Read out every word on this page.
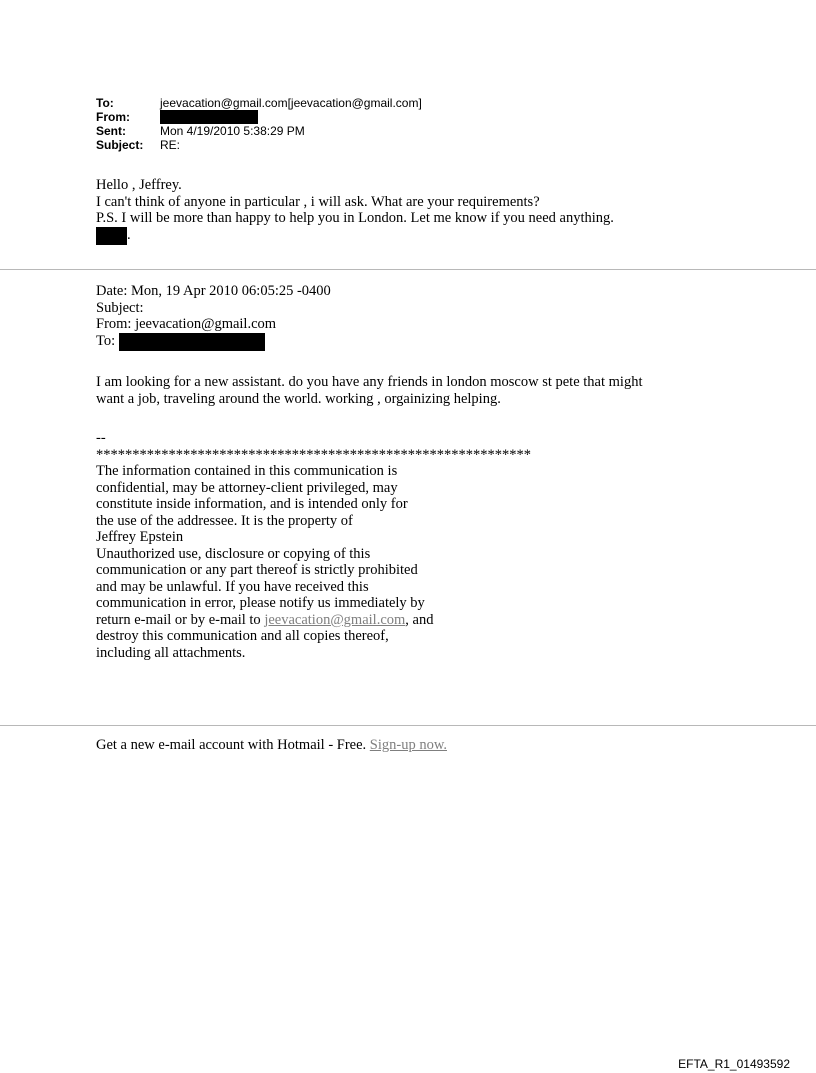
To:	jeevacation@gmail.com[jeevacation@gmail.com]
From:
Sent:	Mon 4/19/2010 5:38:29 PM
Subject:	RE:
Hello , Jeffrey.
I can't think of anyone in particular , i will ask. What are your requirements?
P.S. I will be more than happy to help you in London. Let me know if you need anything.
.
Date: Mon, 19 Apr 2010 06:05:25 -0400
Subject:
From: jeevacation@gmail.com
To:
I am looking for a new assistant. do you have any friends in london moscow st pete that might
want a job, traveling around the world. working , orgainizing helping.
--
************************************************************
The information contained in this communication is
confidential, may be attorney-client privileged, may
constitute inside information, and is intended only for
the use of the addressee. It is the property of
Jeffrey Epstein
Unauthorized use, disclosure or copying of this
communication or any part thereof is strictly prohibited
and may be unlawful. If you have received this
communication in error, please notify us immediately by
return e-mail or by e-mail to jeevacation@gmail.com, and
destroy this communication and all copies thereof,
including all attachments.
Get a new e-mail account with Hotmail - Free. Sign-up now.
EFTA_R1_01493592
